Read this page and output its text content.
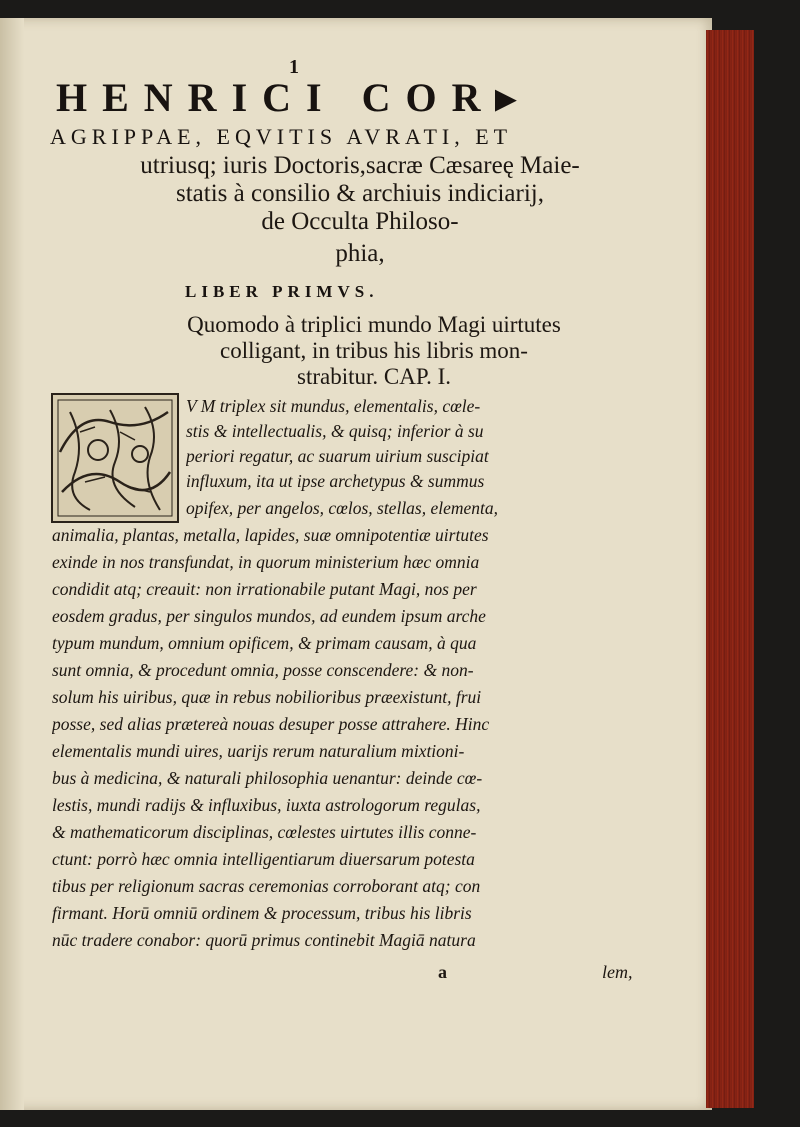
1
HENRICI COR▸
AGRIPPAE, EQVITIS AVRATI, ET
utriusq; iuris Doctoris,sacræ Cæsareę Maie-
statis à consilio & archiuis indiciarij,
de Occulta Philoso-
phia,
LIBER PRIMVS.
Quomodo à triplici mundo Magi uirtutes
colligant, in tribus his libris mon-
strabitur. CAP. I.
V M triplex sit mundus, elementalis, cœle-
stis & intellectualis, & quisq; inferior à su
periori regatur, ac suarum uirium suscipiat
influxum, ita ut ipse archetypus & summus
opifex, per angelos, cœlos, stellas, elementa,
animalia, plantas, metalla, lapides, suæ omnipotentiæ uirtutes
exinde in nos transfundat, in quorum ministerium hæc omnia
condidit atq; creauit: non irrationabile putant Magi, nos per
eosdem gradus, per singulos mundos, ad eundem ipsum arche
typum mundum, omnium opificem, & primam causam, à qua
sunt omnia, & procedunt omnia, posse conscendere: & non-
solum his uiribus, quæ in rebus nobilioribus præexistunt, frui
posse, sed alias prætereà nouas desuper posse attrahere. Hinc
elementalis mundi uires, uarijs rerum naturalium mixtioni-
bus à medicina, & naturali philosophia uenantur: deinde cœ-
lestis, mundi radijs & influxibus, iuxta astrologorum regulas,
& mathematicorum disciplinas, cœlestes uirtutes illis conne-
ctunt: porrò hæc omnia intelligentiarum diuersarum potesta
tibus per religionum sacras ceremonias corroborant atq; con
firmant. Horū omniū ordinem & processum, tribus his libris
nūc tradere conabor: quorū primus continebit Magiā natura
a	lem,
